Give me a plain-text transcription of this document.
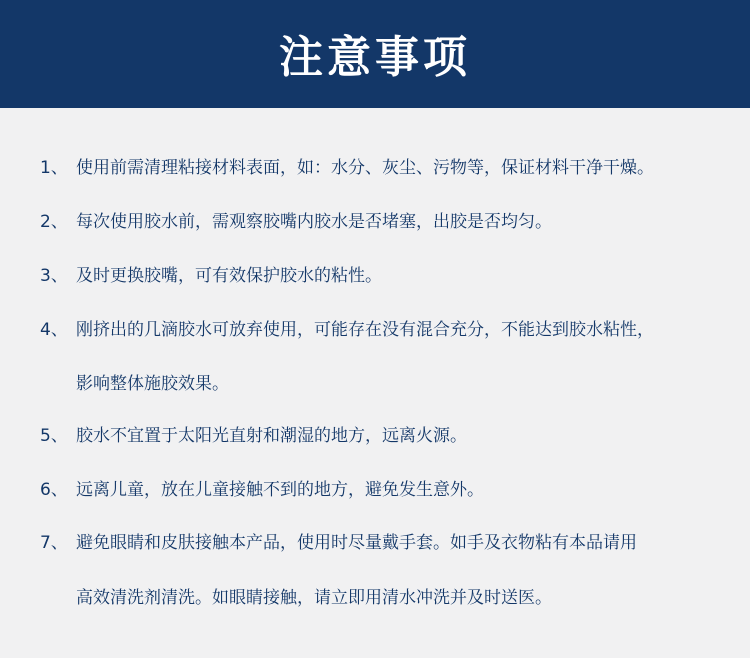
注意事项
1、 使用前需清理粘接材料表面，如：水分、灰尘、污物等，保证材料干净干燥。
2、 每次使用胶水前，需观察胶嘴内胶水是否堵塞，出胶是否均匀。
3、 及时更换胶嘴，可有效保护胶水的粘性。
4、 刚挤出的几滴胶水可放弃使用，可能存在没有混合充分，不能达到胶水粘性，
影响整体施胶效果。
5、 胶水不宜置于太阳光直射和潮湿的地方，远离火源。
6、 远离儿童，放在儿童接触不到的地方，避免发生意外。
7、 避免眼睛和皮肤接触本产品，使用时尽量戴手套。如手及衣物粘有本品请用
高效清洗剂清洗。如眼睛接触，请立即用清水冲洗并及时送医。
